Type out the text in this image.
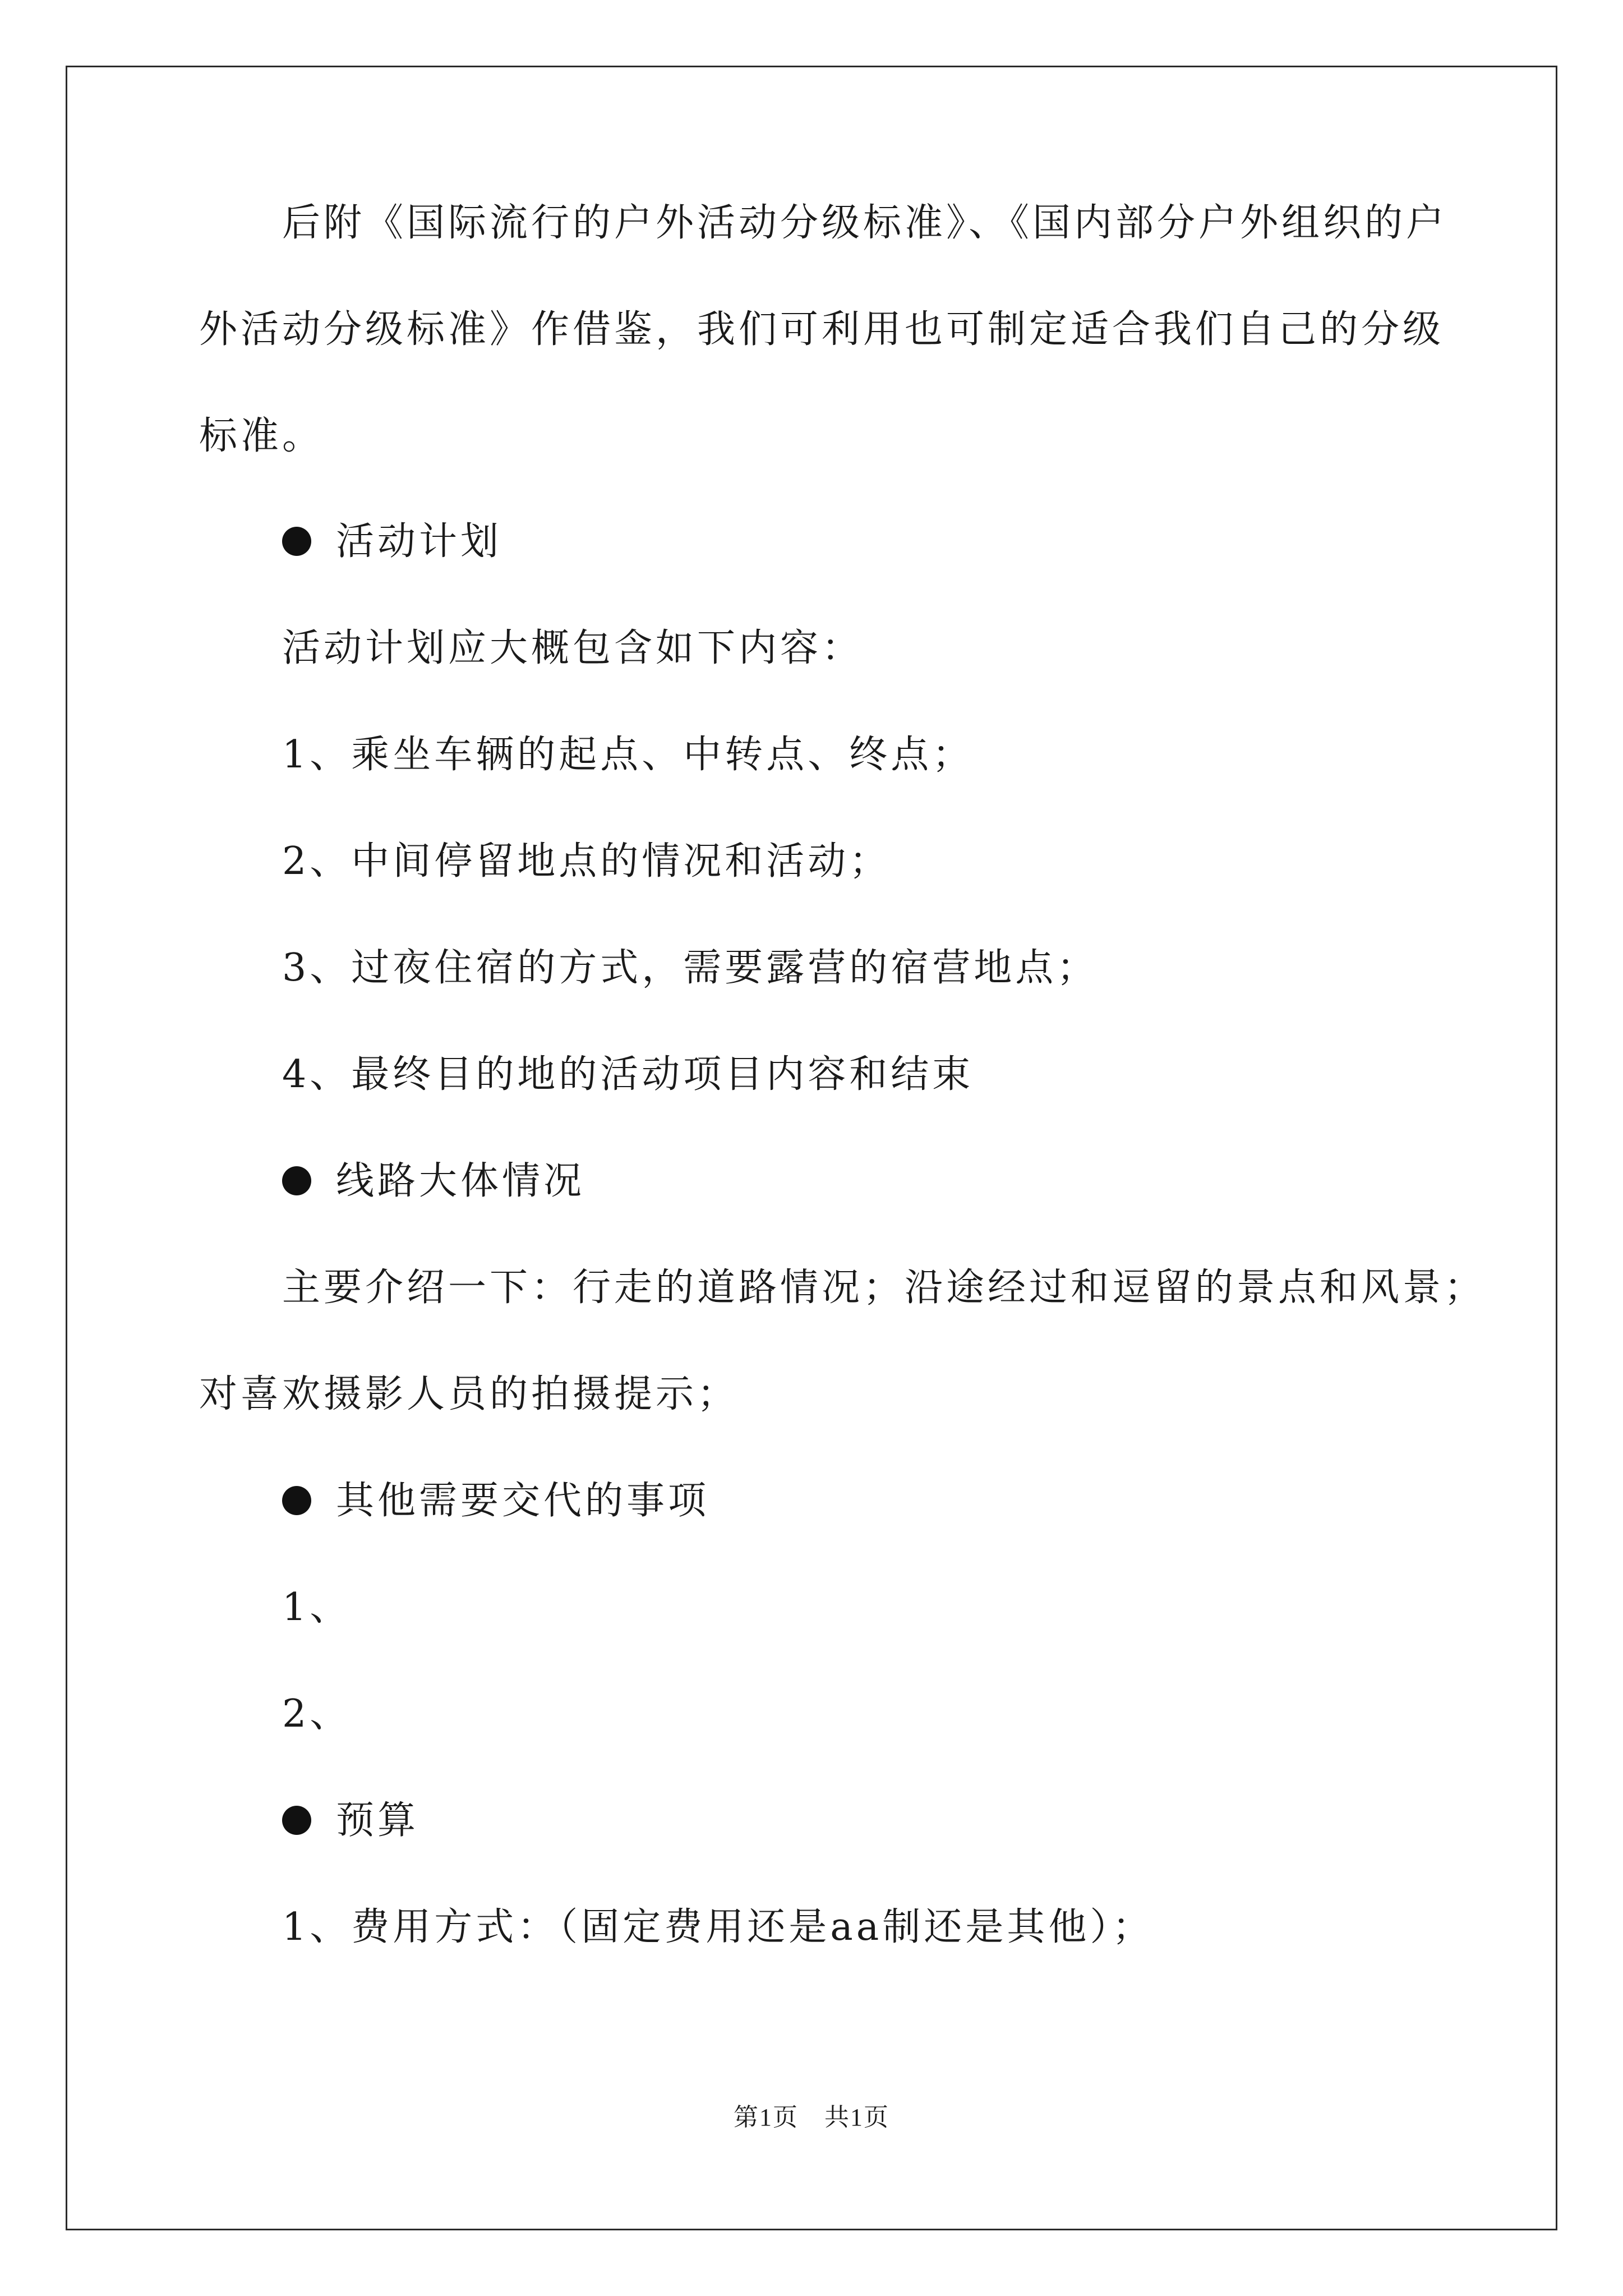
后附《国际流行的户外活动分级标准》、《国内部分户外组织的户
外活动分级标准》作借鉴，我们可利用也可制定适合我们自己的分级
标准。
活动计划
活动计划应大概包含如下内容：
1、乘坐车辆的起点、中转点、终点；
2、中间停留地点的情况和活动；
3、过夜住宿的方式，需要露营的宿营地点；
4、最终目的地的活动项目内容和结束
线路大体情况
主要介绍一下：行走的道路情况；沿途经过和逗留的景点和风景；
对喜欢摄影人员的拍摄提示；
其他需要交代的事项
1、
2、
预算
1、费用方式：（固定费用还是aa制还是其他）；
第1页　共1页
